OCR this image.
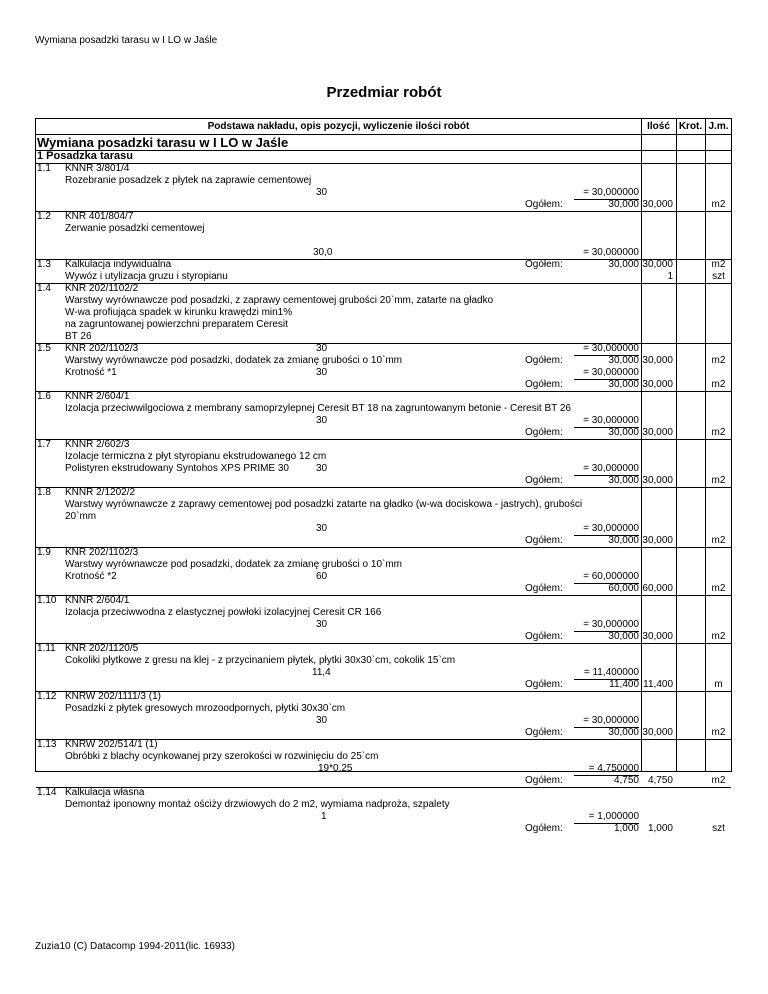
Wymiana posadzki tarasu w I LO w Jaśle
Przedmiar robót
Podstawa nakładu, opis pozycji, wyliczenie ilości robót	Ilość Krot. J.m.
Wymiana posadzki tarasu w I LO w Jaśle
1 Posadzka tarasu
1.1 KNNR 3/801/4
Rozebranie posadzek z płytek na zaprawie cementowej
30	= 30,000000
Ogółem:	30,000 30,000	m2
1.2 KNR 401/804/7
Zerwanie posadzki cementowej
30,0	= 30,000000
Ogółem:	30,000 30,000	m2
1.3 Kalkulacja indywidualna
Wywóz i utylizacja gruzu i styropianu	1	szt
1.4 KNR 202/1102/2
Warstwy wyrównawcze pod posadzki, z zaprawy cementowej grubości 20`mm, zatarte na gładko
W-wa profiująca spadek w kirunku krawędzi min1%
na zagruntowanej powierzchni preparatem Ceresit
BT 26
30	= 30,000000
Ogółem:	30,000 30,000	m2
1.5 KNR 202/1102/3
Warstwy wyrównawcze pod posadzki, dodatek za zmianę grubości o 10`mm
Krotność *1	30	= 30,000000
Ogółem:	30,000 30,000	m2
1.6 KNNR 2/604/1
Izolacja przeciwwilgociowa z membrany samoprzylepnej Ceresit BT 18 na zagruntowanym betonie - Ceresit BT 26
30	= 30,000000
Ogółem:	30,000 30,000	m2
1.7 KNNR 2/602/3
Izolacje termiczna z płyt styropianu ekstrudowanego 12 cm
Polistyren ekstrudowany Syntohos XPS PRIME 30	30	= 30,000000
Ogółem:	30,000 30,000	m2
1.8 KNNR 2/1202/2
Warstwy wyrównawcze z zaprawy cementowej pod posadzki zatarte na gładko (w-wa dociskowa - jastrych), grubości
20`mm
30	= 30,000000
Ogółem:	30,000 30,000	m2
1.9 KNR 202/1102/3
Warstwy wyrównawcze pod posadzki, dodatek za zmianę grubości o 10`mm
Krotność *2	60	= 60,000000
Ogółem:	60,000 60,000	m2
1.10 KNNR 2/604/1
Izolacja przeciwwodna z elastycznej powłoki izolacyjnej Ceresit CR 166
30	= 30,000000
Ogółem:	30,000 30,000	m2
1.11 KNR 202/1120/5
Cokoliki płytkowe z gresu na klej - z przycinaniem płytek, płytki 30x30`cm, cokolik 15`cm
11,4	= 11,400000
Ogółem:	11,400 11,400	m
1.12 KNRW 202/1111/3 (1)
Posadzki z płytek gresowych mrozoodpornych, płytki 30x30`cm
30	= 30,000000
Ogółem:	30,000 30,000	m2
1.13 KNRW 202/514/1 (1)
Obróbki z blachy ocynkowanej przy szerokości w rozwinięciu do 25`cm
19*0,25	= 4,750000
Ogółem:	4,750 4,750	m2
1.14 Kalkulacja własna
Demontaż iponowny montaż ościży drzwiowych do 2 m2, wymiama nadproża, szpalety
1	= 1,000000
Ogółem:	1,000 1,000	szt
Zuzia10 (C) Datacomp 1994-2011(lic. 16933)
